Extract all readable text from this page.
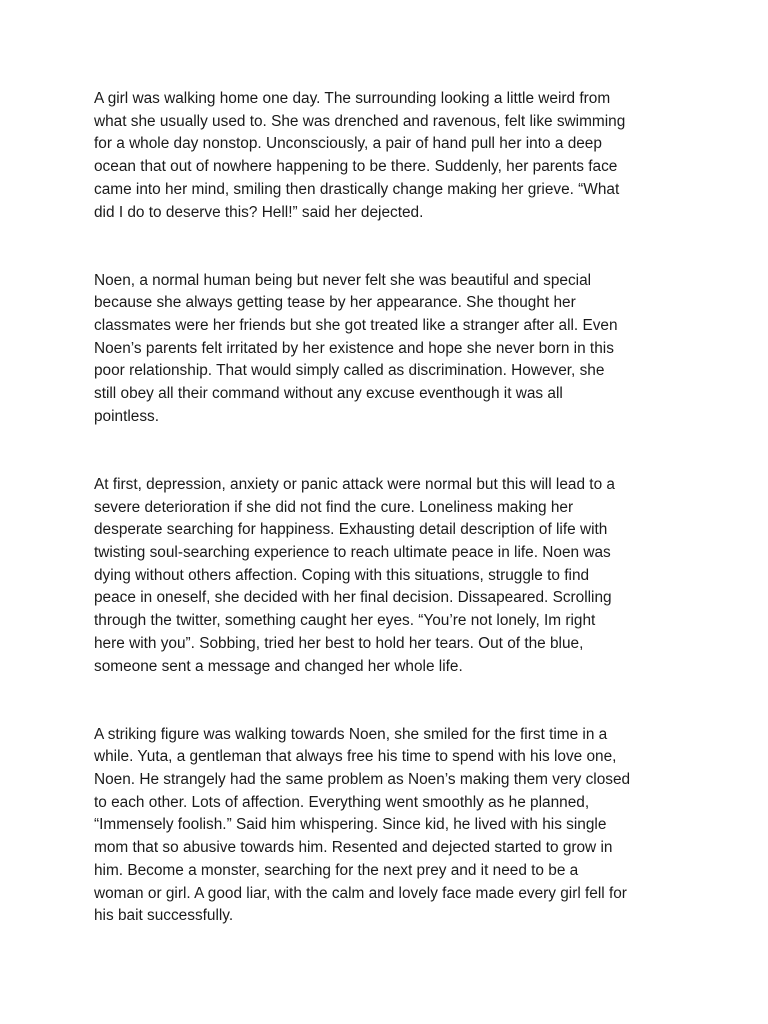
A girl was walking home one day. The surrounding looking a little weird from
what she usually used to. She was drenched and ravenous, felt like swimming
for a whole day nonstop. Unconsciously, a pair of hand pull her into a deep
ocean that out of nowhere happening to be there. Suddenly, her parents face
came into her mind, smiling then drastically change making her grieve. “What
did I do to deserve this? Hell!” said her dejected.

Noen, a normal human being but never felt she was beautiful and special
because she always getting tease by her appearance. She thought her
classmates were her friends but she got treated like a stranger after all. Even
Noen’s parents felt irritated by her existence and hope she never born in this
poor relationship. That would simply called as discrimination. However, she
still obey all their command without any excuse eventhough it was all
pointless.

At first, depression, anxiety or panic attack were normal but this will lead to a
severe deterioration if she did not find the cure. Loneliness making her
desperate searching for happiness. Exhausting detail description of life with
twisting soul-searching experience to reach ultimate peace in life. Noen was
dying without others affection. Coping with this situations, struggle to find
peace in oneself, she decided with her final decision. Dissapeared. Scrolling
through the twitter, something caught her eyes. “You’re not lonely, Im right
here with you”. Sobbing, tried her best to hold her tears. Out of the blue,
someone sent a message and changed her whole life.

A striking figure was walking towards Noen, she smiled for the first time in a
while. Yuta, a gentleman that always free his time to spend with his love one,
Noen. He strangely had the same problem as Noen’s making them very closed
to each other. Lots of affection. Everything went smoothly as he planned,
“Immensely foolish.” Said him whispering. Since kid, he lived with his single
mom that so abusive towards him. Resented and dejected started to grow in
him. Become a monster, searching for the next prey and it need to be a
woman or girl. A good liar, with the calm and lovely face made every girl fell for
his bait successfully.
